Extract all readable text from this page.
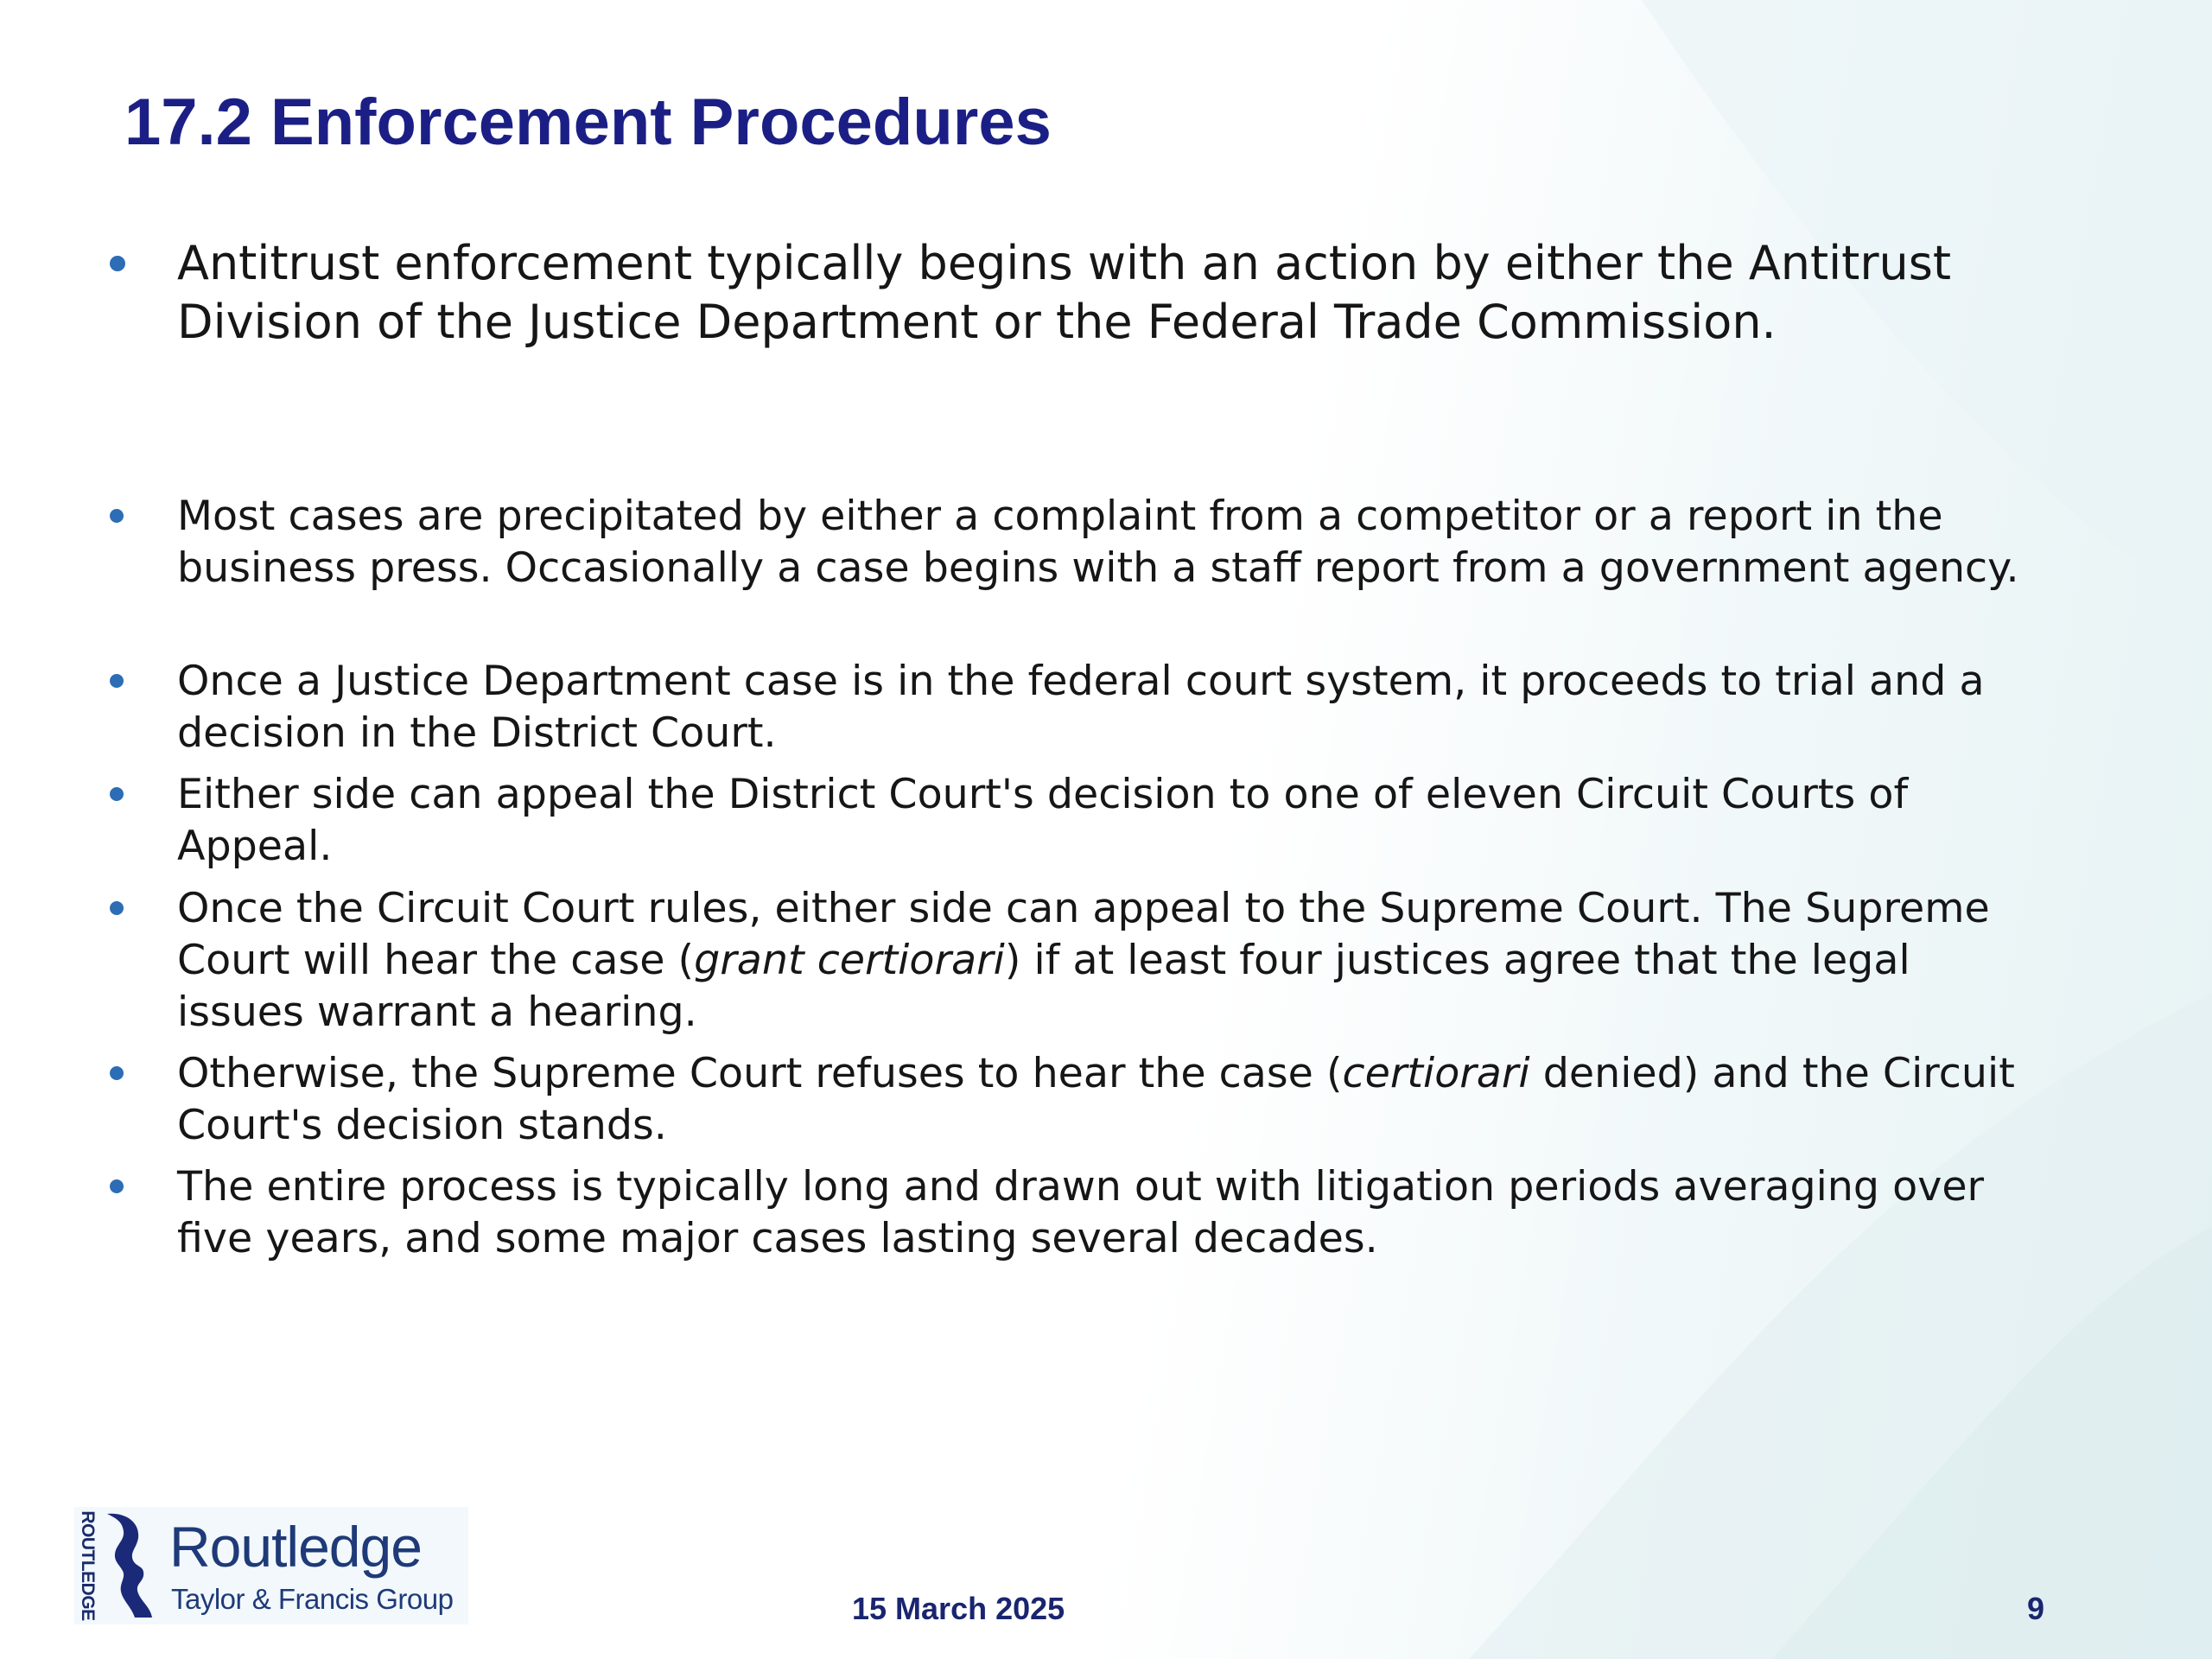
17.2 Enforcement Procedures
Antitrust enforcement typically begins with an action by either the Antitrust Division of the Justice Department or the Federal Trade Commission.
Most cases are precipitated by either a complaint from a competitor or a report in the business press. Occasionally a case begins with a staff report from a government agency.
Once a Justice Department case is in the federal court system, it proceeds to trial and a decision in the District Court.
Either side can appeal the District Court's decision to one of eleven Circuit Courts of Appeal.
Once the Circuit Court rules, either side can appeal to the Supreme Court. The Supreme Court will hear the case (grant certiorari) if at least four justices agree that the legal issues warrant a hearing.
Otherwise, the Supreme Court refuses to hear the case (certiorari denied) and the Circuit Court's decision stands.
The entire process is typically long and drawn out with litigation periods averaging over five years, and some major cases lasting several decades.
ROUTLEDGE Routledge
Taylor & Francis Group	15 March 2025	9
